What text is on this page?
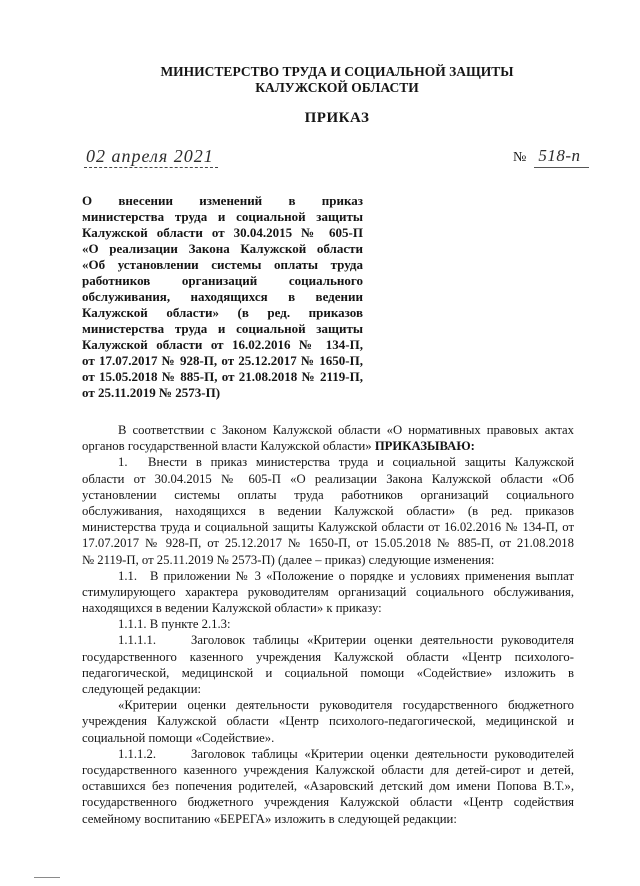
МИНИСТЕРСТВО ТРУДА И СОЦИАЛЬНОЙ ЗАЩИТЫ
КАЛУЖСКОЙ ОБЛАСТИ
ПРИКАЗ
02 апреля 2021	№ 518-п
О внесении изменений в приказ
министерства труда и социальной защиты
Калужской области от 30.04.2015 № 605-П
«О реализации Закона Калужской области
«Об установлении системы оплаты труда
работников организаций социального
обслуживания, находящихся в ведении
Калужской области» (в ред. приказов
министерства труда и социальной защиты
Калужской области от 16.02.2016 № 134-П,
от 17.07.2017 № 928-П, от 25.12.2017 № 1650-П,
от 15.05.2018 № 885-П, от 21.08.2018 № 2119-П,
от 25.11.2019 № 2573-П)
В соответствии с Законом Калужской области «О нормативных правовых актах
органов государственной власти Калужской области» ПРИКАЗЫВАЮ:
1.	Внести в приказ министерства труда и социальной защиты Калужской
области от 30.04.2015 № 605-П «О реализации Закона Калужской области «Об
установлении системы оплаты труда работников организаций социального
обслуживания, находящихся в ведении Калужской области» (в ред. приказов
министерства труда и социальной защиты Калужской области от 16.02.2016 № 134-П, от
17.07.2017 № 928-П, от 25.12.2017 № 1650-П, от 15.05.2018 № 885-П, от 21.08.2018
№ 2119-П, от 25.11.2019 № 2573-П) (далее – приказ) следующие изменения:
1.1.	В приложении № 3 «Положение о порядке и условиях применения выплат
стимулирующего характера руководителям организаций социального обслуживания,
находящихся в ведении Калужской области» к приказу:
1.1.1. В пункте 2.1.3:
1.1.1.1.	Заголовок таблицы «Критерии оценки деятельности руководителя
государственного казенного учреждения Калужской области «Центр психолого-
педагогической, медицинской и социальной помощи «Содействие» изложить в
следующей редакции:
«Критерии оценки деятельности руководителя государственного бюджетного
учреждения Калужской области «Центр психолого-педагогической, медицинской и
социальной помощи «Содействие».
1.1.1.2.	Заголовок таблицы «Критерии оценки деятельности руководителей
государственного казенного учреждения Калужской области для детей-сирот и детей,
оставшихся без попечения родителей, «Азаровский детский дом имени Попова В.Т.»,
государственного бюджетного учреждения Калужской области «Центр содействия
семейному воспитанию «БЕРЕГА» изложить в следующей редакции:
